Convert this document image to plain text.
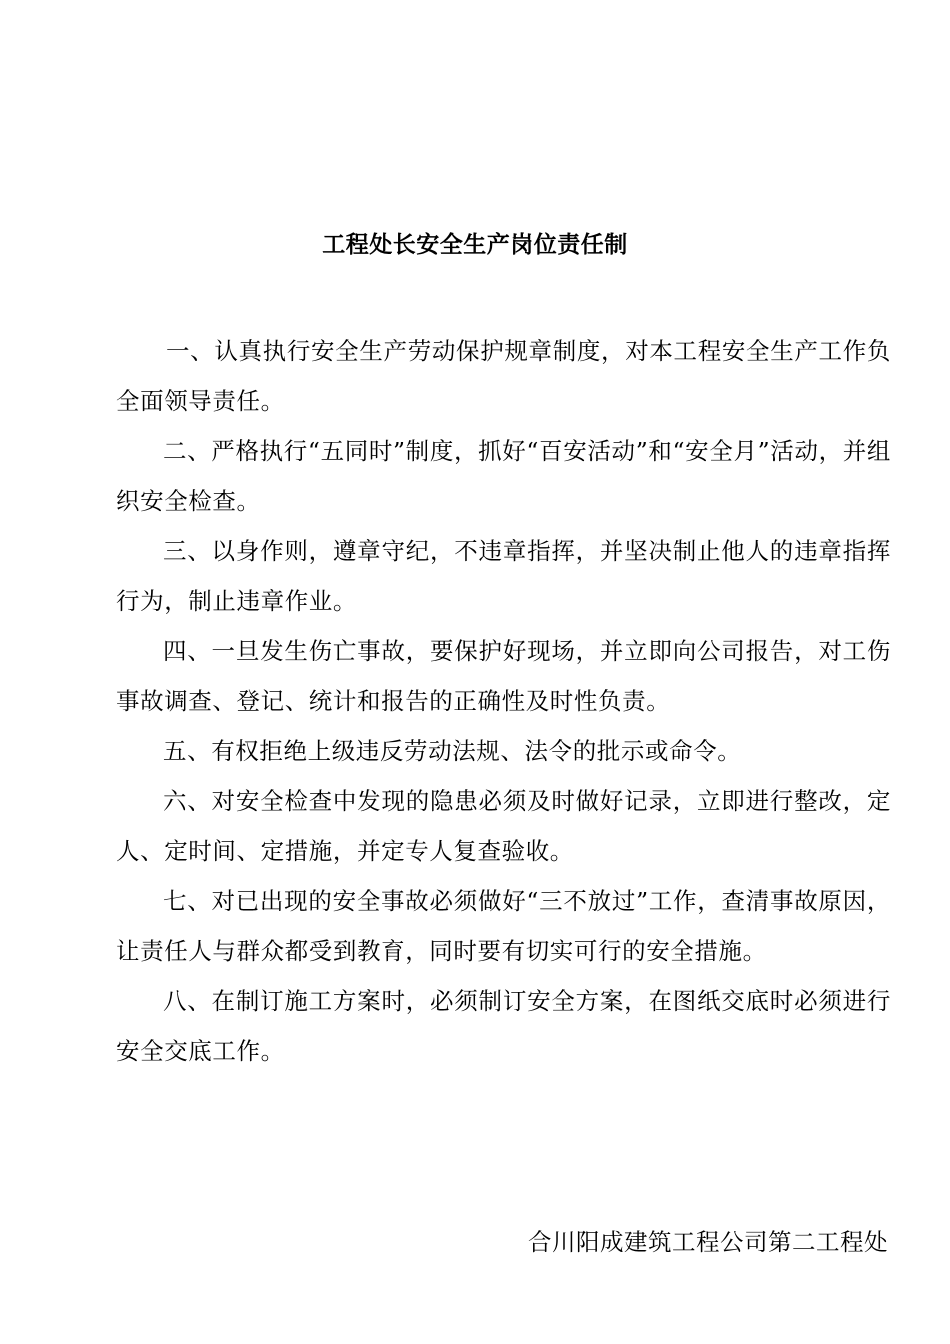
工程处长安全生产岗位责任制

一、认真执行安全生产劳动保护规章制度，对本工程安全生产工作负全面领导责任。

二、严格执行“五同时”制度，抓好“百安活动”和“安全月”活动，并组织安全检查。

三、以身作则，遵章守纪，不违章指挥，并坚决制止他人的违章指挥行为，制止违章作业。

四、一旦发生伤亡事故，要保护好现场，并立即向公司报告，对工伤事故调查、登记、统计和报告的正确性及时性负责。

五、有权拒绝上级违反劳动法规、法令的批示或命令。

六、对安全检查中发现的隐患必须及时做好记录，立即进行整改，定人、定时间、定措施，并定专人复查验收。

七、对已出现的安全事故必须做好“三不放过”工作，查清事故原因，让责任人与群众都受到教育，同时要有切实可行的安全措施。

八、在制订施工方案时，必须制订安全方案，在图纸交底时必须进行安全交底工作。

合川阳成建筑工程公司第二工程处
